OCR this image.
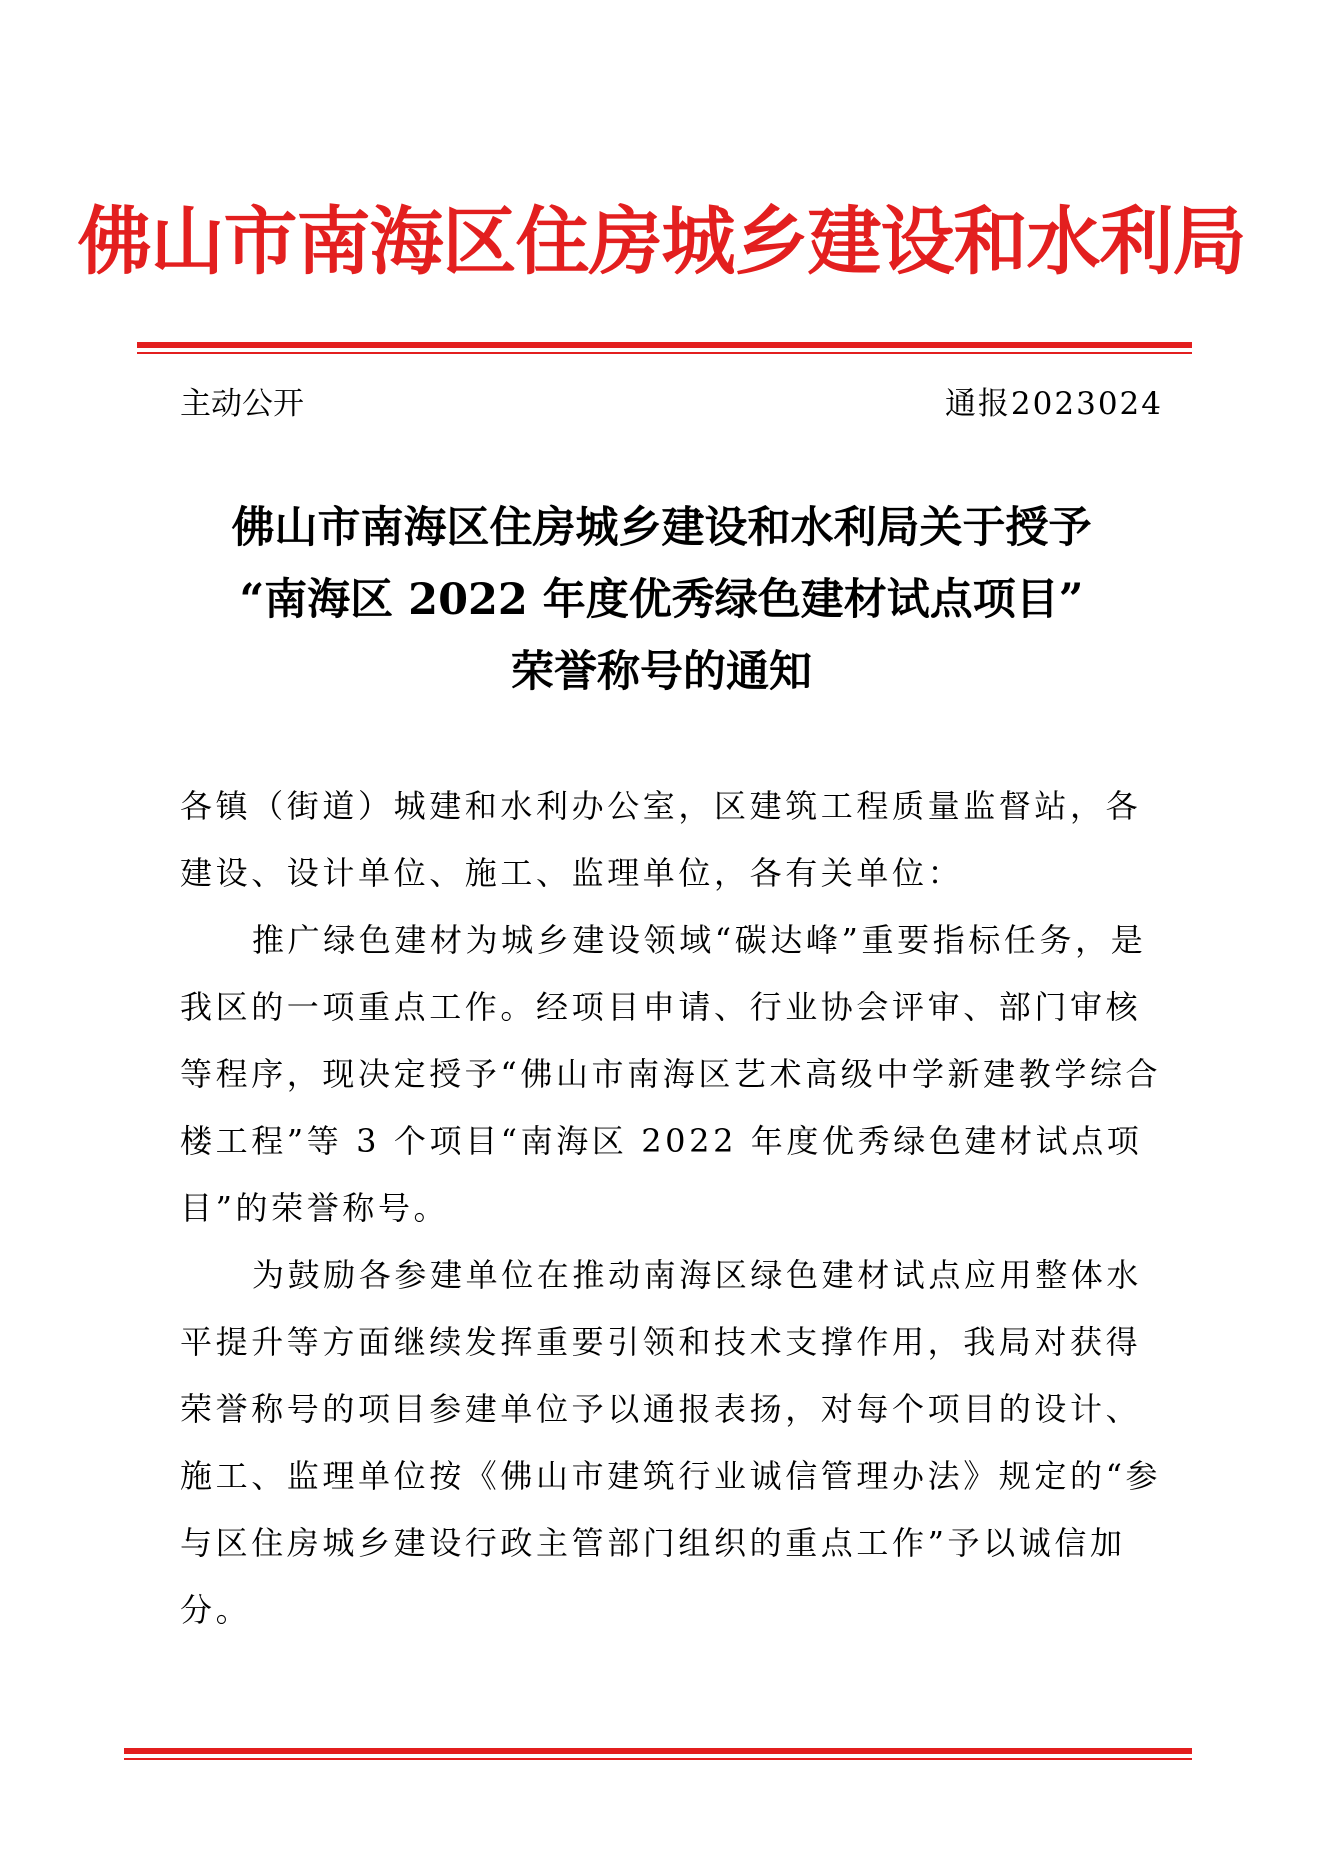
佛山市南海区住房城乡建设和水利局
主动公开	通报2023024
佛山市南海区住房城乡建设和水利局关于授予
“南海区 2022 年度优秀绿色建材试点项目”
荣誉称号的通知

各镇（街道）城建和水利办公室，区建筑工程质量监督站，各建设、设计单位、施工、监理单位，各有关单位：

推广绿色建材为城乡建设领域“碳达峰”重要指标任务，是我区的一项重点工作。经项目申请、行业协会评审、部门审核等程序，现决定授予“佛山市南海区艺术高级中学新建教学综合楼工程”等 3 个项目“南海区 2022 年度优秀绿色建材试点项目”的荣誉称号。

为鼓励各参建单位在推动南海区绿色建材试点应用整体水平提升等方面继续发挥重要引领和技术支撑作用，我局对获得荣誉称号的项目参建单位予以通报表扬，对每个项目的设计、施工、监理单位按《佛山市建筑行业诚信管理办法》规定的“参与区住房城乡建设行政主管部门组织的重点工作”予以诚信加分。
